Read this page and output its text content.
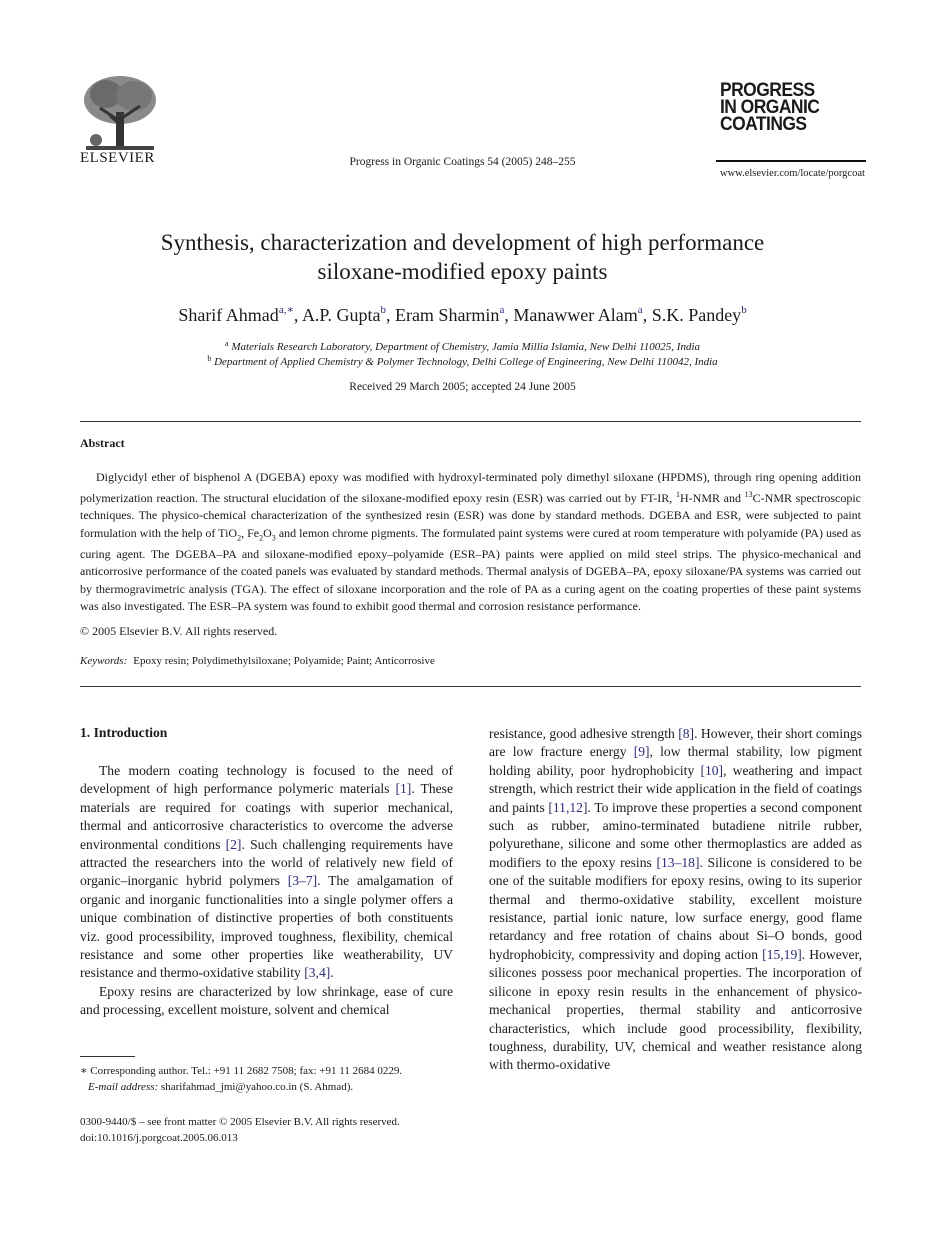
ELSEVIER	Progress in Organic Coatings 54 (2005) 248–255
PROGRESS
IN ORGANIC
COATINGS
www.elsevier.com/locate/porgcoat
Synthesis, characterization and development of high performance
siloxane-modified epoxy paints
Sharif Ahmad$^{a,∗}$, A.P. Gupta$^b$, Eram Sharmin$^a$, Manawwer Alam$^a$, S.K. Pandey$^b$
$^a$ Materials Research Laboratory, Department of Chemistry, Jamia Millia Islamia, New Delhi 110025, India
$^b$ Department of Applied Chemistry & Polymer Technology, Delhi College of Engineering, New Delhi 110042, India
Received 29 March 2005; accepted 24 June 2005
Abstract

Diglycidyl ether of bisphenol A (DGEBA) epoxy was modified with hydroxyl-terminated poly dimethyl siloxane (HPDMS), through ring opening addition polymerization reaction. The structural elucidation of the siloxane-modified epoxy resin (ESR) was carried out by FT-IR, $^1$H-NMR and $^{13}$C-NMR spectroscopic techniques. The physico-chemical characterization of the synthesized resin (ESR) was done by standard methods. DGEBA and ESR, were subjected to paint formulation with the help of TiO$_2$, $Fe_2O_3$ and lemon chrome pigments. The formulated paint systems were cured at room temperature with polyamide (PA) used as curing agent. The DGEBA–PA and siloxane-modified epoxy–polyamide (ESR–PA) paints were applied on mild steel strips. The physico-mechanical and anticorrosive performance of the coated panels was evaluated by standard methods. Thermal analysis of DGEBA–PA, epoxy siloxane/PA systems was carried out by thermogravimetric analysis (TGA). The effect of siloxane incorporation and the role of PA as a curing agent on the coating properties of these paint systems was also investigated. The ESR–PA system was found to exhibit good thermal and corrosion resistance performance.

© 2005 Elsevier B.V. All rights reserved.
Keywords: Epoxy resin; Polydimethylsiloxane; Polyamide; Paint; Anticorrosive
1. Introduction

The modern coating technology is focused to the need of development of high performance polymeric materials [1]. These materials are required for coatings with superior mechanical, thermal and anticorrosive characteristics to overcome the adverse environmental conditions [2]. Such challenging requirements have attracted the researchers into the world of relatively new field of organic–inorganic hybrid polymers [3–7]. The amalgamation of organic and inorganic functionalities into a single polymer offers a unique combination of distinctive properties of both constituents viz. good processibility, improved toughness, flexibility, chemical resistance and some other properties like weatherability, UV resistance and thermo-oxidative stability [3,4].

Epoxy resins are characterized by low shrinkage, ease of cure and processing, excellent moisture, solvent and chemical

resistance, good adhesive strength [8]. However, their short comings are low fracture energy [9], low thermal stability, low pigment holding ability, poor hydrophobicity [10], weathering and impact strength, which restrict their wide application in the field of coatings and paints [11,12]. To improve these properties a second component such as rubber, amino-terminated butadiene nitrile rubber, polyurethane, silicone and some other thermoplastics are added as modifiers to the epoxy resins [13–18]. Silicone is considered to be one of the suitable modifiers for epoxy resins, owing to its superior thermal and thermo-oxidative stability, excellent moisture resistance, partial ionic nature, low surface energy, good flame retardancy and free rotation of chains about Si–O bonds, good hydrophobicity, compressivity and doping action [15,19]. However, silicones possess poor mechanical properties. The incorporation of silicone in epoxy resin results in the enhancement of physico-mechanical properties, thermal stability and anticorrosive characteristics, which include good processibility, flexibility, toughness, durability, UV, chemical and weather resistance along with thermo-oxidative

∗ Corresponding author. Tel.: +91 11 2682 7508; fax: +91 11 2684 0229.
E-mail address: sharifahmad_jmi@yahoo.co.in (S. Ahmad).
0300-9440/$ – see front matter © 2005 Elsevier B.V. All rights reserved.
doi:10.1016/j.porgcoat.2005.06.013
